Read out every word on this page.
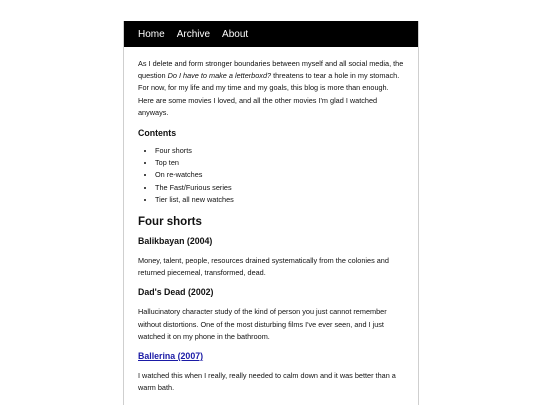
Home Archive About

As I delete and form stronger boundaries between myself and all social media, the question Do I have to make a letterboxd? threatens to tear a hole in my stomach. For now, for my life and my time and my goals, this blog is more than enough. Here are some movies I loved, and all the other movies I'm glad I watched anyways.

Contents
• Four shorts
• Top ten
• On re-watches
• The Fast/Furious series
• Tier list, all new watches
Four shorts
Balikbayan (2004)

Money, talent, people, resources drained systematically from the colonies and returned piecemeal, transformed, dead.

Dad's Dead (2002)

Hallucinatory character study of the kind of person you just cannot remember without distortions. One of the most disturbing films I've ever seen, and I just watched it on my phone in the bathroom.

Ballerina (2007)

I watched this when I really, really needed to calm down and it was better than a warm bath.
